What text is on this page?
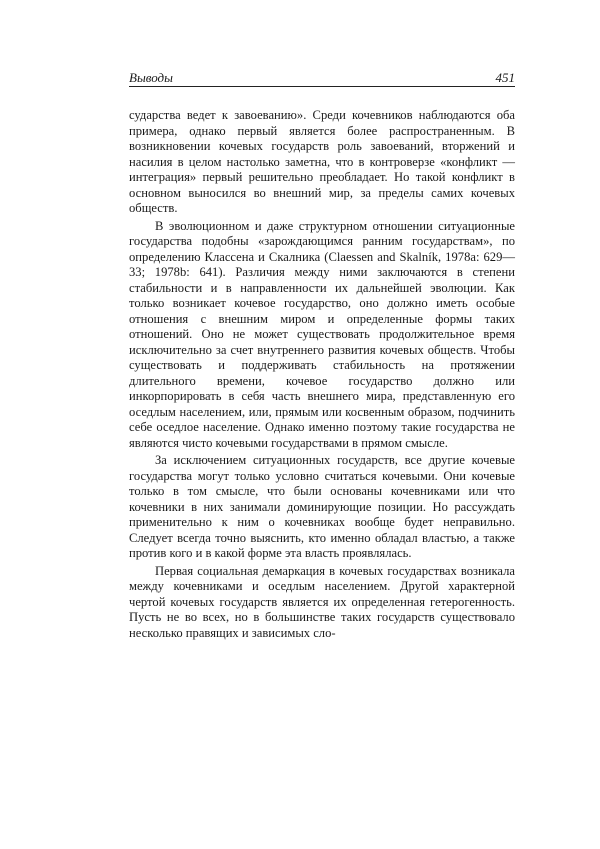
Выводы	451

сударства ведет к завоеванию». Среди кочевников наблюдаются оба примера, однако первый является более распространенным. В возникновении кочевых государств роль завоеваний, вторжений и насилия в целом настолько заметна, что в контроверзе «конфликт — интеграция» первый решительно преобладает. Но такой конфликт в основном выносился во внешний мир, за пределы самих кочевых обществ.

В эволюционном и даже структурном отношении ситуационные государства подобны «зарождающимся ранним государствам», по определению Классена и Скалника (Claessen and Skalník, 1978a: 629—33; 1978b: 641). Различия между ними заключаются в степени стабильности и в направленности их дальнейшей эволюции. Как только возникает кочевое государство, оно должно иметь особые отношения с внешним миром и определенные формы таких отношений. Оно не может существовать продолжительное время исключительно за счет внутреннего развития кочевых обществ. Чтобы существовать и поддерживать стабильность на протяжении длительного времени, кочевое государство должно или инкорпорировать в себя часть внешнего мира, представленную его оседлым населением, или, прямым или косвенным образом, подчинить себе оседлое население. Однако именно поэтому такие государства не являются чисто кочевыми государствами в прямом смысле.

За исключением ситуационных государств, все другие кочевые государства могут только условно считаться кочевыми. Они кочевые только в том смысле, что были основаны кочевниками или что кочевники в них занимали доминирующие позиции. Но рассуждать применительно к ним о кочевниках вообще будет неправильно. Следует всегда точно выяснить, кто именно обладал властью, а также против кого и в какой форме эта власть проявлялась.

Первая социальная демаркация в кочевых государствах возникала между кочевниками и оседлым населением. Другой характерной чертой кочевых государств является их определенная гетерогенность. Пусть не во всех, но в большинстве таких государств существовало несколько правящих и зависимых сло-
